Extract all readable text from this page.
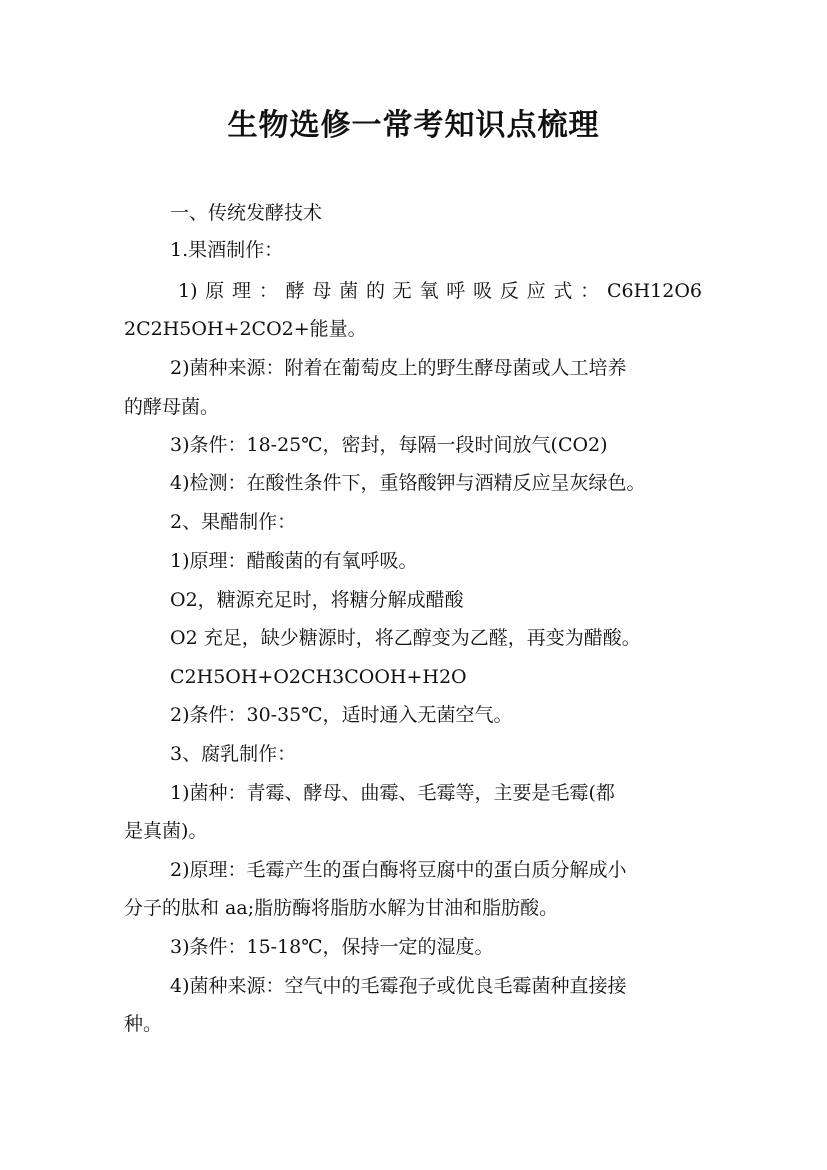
生物选修一常考知识点梳理
一、传统发酵技术
1.果酒制作：
1)原理：酵母菌的无氧呼吸反应式：C6H12O6
2C2H5OH+2CO2+能量。
2)菌种来源：附着在葡萄皮上的野生酵母菌或人工培养
的酵母菌。
3)条件：18-25℃，密封，每隔一段时间放气(CO2)
4)检测：在酸性条件下，重铬酸钾与酒精反应呈灰绿色。
2、果醋制作：
1)原理：醋酸菌的有氧呼吸。
O2，糖源充足时，将糖分解成醋酸
O2 充足，缺少糖源时，将乙醇变为乙醛，再变为醋酸。
C2H5OH+O2CH3COOH+H2O
2)条件：30-35℃，适时通入无菌空气。
3、腐乳制作：
1)菌种：青霉、酵母、曲霉、毛霉等，主要是毛霉(都
是真菌)。
2)原理：毛霉产生的蛋白酶将豆腐中的蛋白质分解成小
分子的肽和 aa;脂肪酶将脂肪水解为甘油和脂肪酸。
3)条件：15-18℃，保持一定的湿度。
4)菌种来源：空气中的毛霉孢子或优良毛霉菌种直接接
种。
